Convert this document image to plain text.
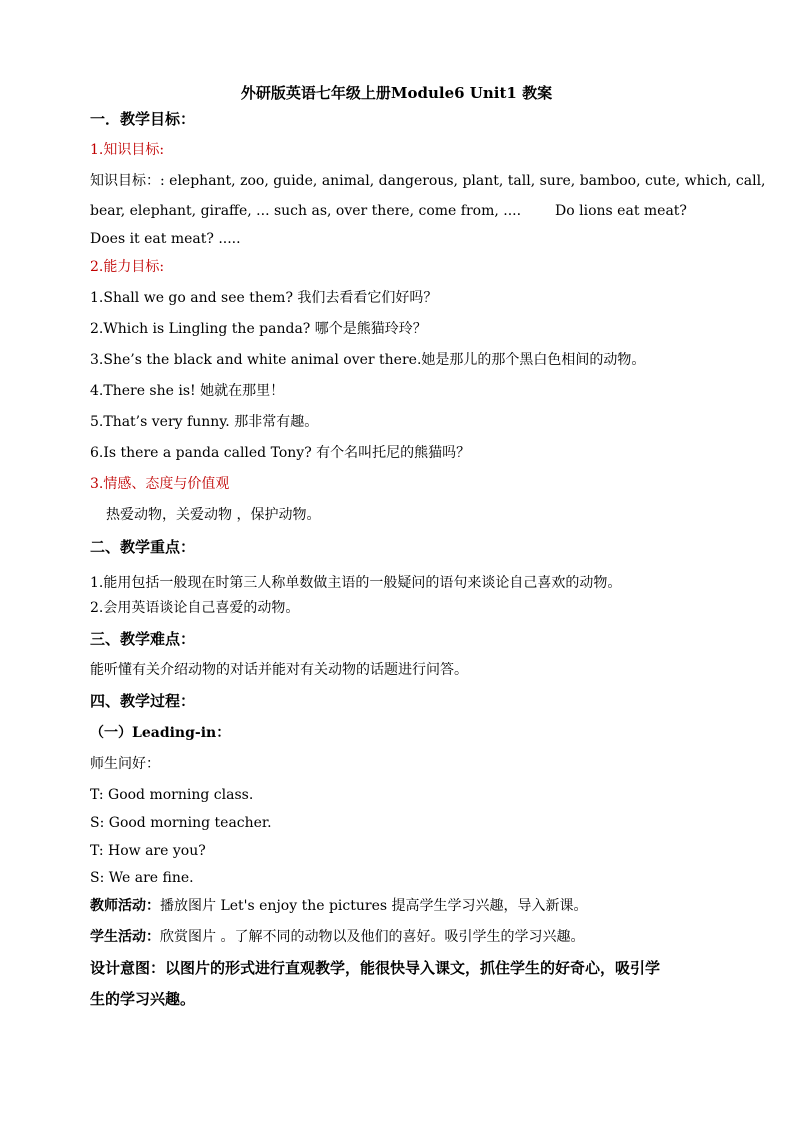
外研版英语七年级上册Module6 Unit1 教案
一．教学目标：
1.知识目标:
知识目标：: elephant, zoo, guide, animal, dangerous, plant, tall, sure, bamboo, cute, which, call,
bear, elephant, giraffe, ... such as, over there, come from, .... Do lions eat meat?
Does it eat meat? .....
2.能力目标:
1.Shall we go and see them? 我们去看看它们好吗？
2.Which is Lingling the panda? 哪个是熊猫玲玲？
3.She’s the black and white animal over there.她是那儿的那个黑白色相间的动物。
4.There she is! 她就在那里！
5.That’s very funny. 那非常有趣。
6.Is there a panda called Tony? 有个名叫托尼的熊猫吗？
3.情感、态度与价值观
热爱动物，关爱动物 ，保护动物。
二、教学重点：
1.能用包括一般现在时第三人称单数做主语的一般疑问的语句来谈论自己喜欢的动物。
2.会用英语谈论自己喜爱的动物。
三、教学难点：
能听懂有关介绍动物的对话并能对有关动物的话题进行问答。
四、教学过程：
（一）Leading-in：
师生问好：
T: Good morning class.
S: Good morning teacher.
T: How are you?
S: We are fine.
教师活动：播放图片 Let's enjoy the pictures 提高学生学习兴趣，导入新课。
学生活动：欣赏图片 。了解不同的动物以及他们的喜好。吸引学生的学习兴趣。
设计意图：以图片的形式进行直观教学，能很快导入课文，抓住学生的好奇心，吸引学
生的学习兴趣。
